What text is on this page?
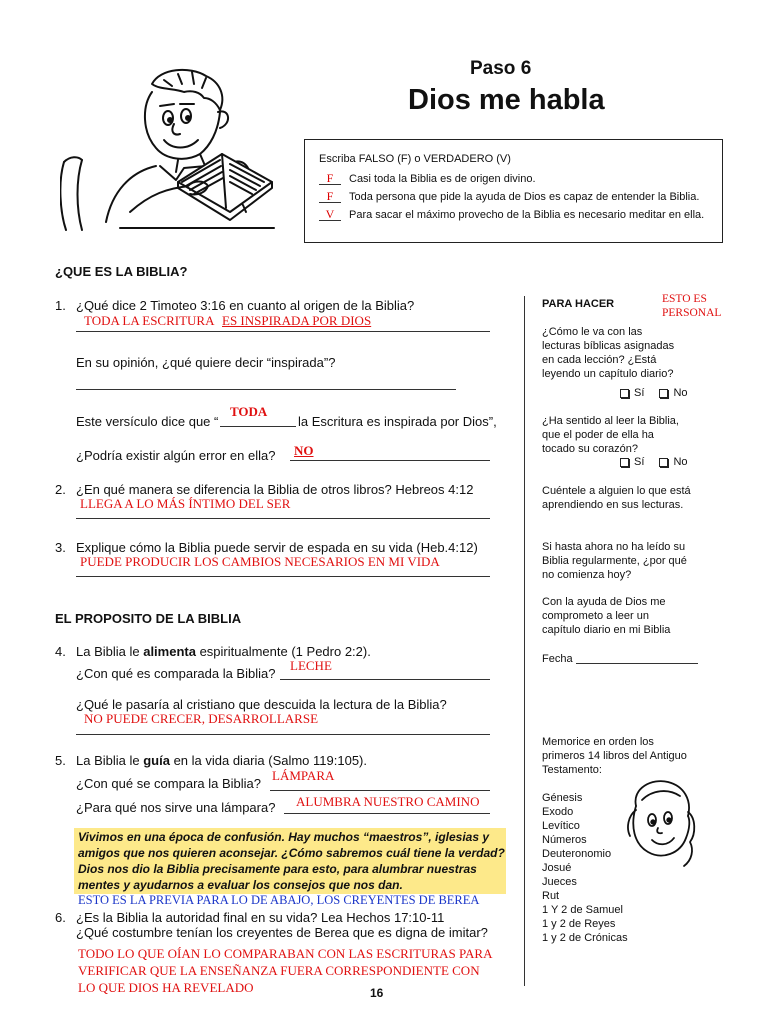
Paso 6
Dios me habla
Escriba FALSO (F) o VERDADERO (V)
F Casi toda la Biblia es de origen divino.
F Toda persona que pide la ayuda de Dios es capaz de entender la Biblia.
V Para sacar el máximo provecho de la Biblia es necesario meditar en ella.
¿QUE ES LA BIBLIA?
1. ¿Qué dice 2 Timoteo 3:16 en cuanto al origen de la Biblia?
TODA LA ESCRITURA ES INSPIRADA POR DIOS
En su opinión, ¿qué quiere decir “inspirada”?
Este versículo dice que “
TODA
la Escritura es inspirada por Dios”,
¿Podría existir algún error en ella? NO
2. ¿En qué manera se diferencia la Biblia de otros libros? Hebreos 4:12
LLEGA A LO MÁS ÍNTIMO DEL SER
3. Explique cómo la Biblia puede servir de espada en su vida (Heb.4:12)
PUEDE PRODUCIR LOS CAMBIOS NECESARIOS EN MI VIDA
EL PROPOSITO DE LA BIBLIA
4. La Biblia le alimenta espiritualmente (1 Pedro 2:2).
¿Con qué es comparada la Biblia?
LECHE
¿Qué le pasaría al cristiano que descuida la lectura de la Biblia?
NO PUEDE CRECER, DESARROLLARSE
5. La Biblia le guía en la vida diaria (Salmo 119:105).
¿Con qué se compara la Biblia?
LÁMPARA
¿Para qué nos sirve una lámpara? ALUMBRA NUESTRO CAMINO
Vivimos en una época de confusión. Hay muchos “maestros”, iglesias y amigos que nos quieren aconsejar. ¿Cómo sabremos cuál tiene la verdad? Dios nos dio la Biblia precisamente para esto, para alumbrar nuestras mentes y ayudarnos a evaluar los consejos que nos dan.
ESTO ES LA PREVIA PARA LO DE ABAJO, LOS CREYENTES DE BEREA
6. ¿Es la Biblia la autoridad final en su vida? Lea Hechos 17:10-11
¿Qué costumbre tenían los creyentes de Berea que es digna de imitar?
TODO LO QUE OÍAN LO COMPARABAN CON LAS ESCRITURAS PARA
VERIFICAR QUE LA ENSEÑANZA FUERA CORRESPONDIENTE CON
LO QUE DIOS HA REVELADO
PARA HACER	ESTO ES
PERSONAL
¿Cómo le va con las lecturas bíblicas asignadas en cada lección? ¿Está leyendo un capítulo diario?
Sí	No
¿Ha sentido al leer la Biblia, que el poder de ella ha tocado su corazón?
Sí	No
Cuéntele a alguien lo que está aprendiendo en sus lecturas.
Si hasta ahora no ha leído su Biblia regularmente, ¿por qué no comienza hoy?
Con la ayuda de Dios me comprometo a leer un capítulo diario en mi Biblia
Fecha
Memorice en orden los primeros 14 libros del Antiguo Testamento:
Génesis
Exodo
Levítico
Números
Deuteronomio
Josué
Jueces
Rut
1 Y 2 de Samuel
1 y 2 de Reyes
1 y 2 de Crónicas
16
